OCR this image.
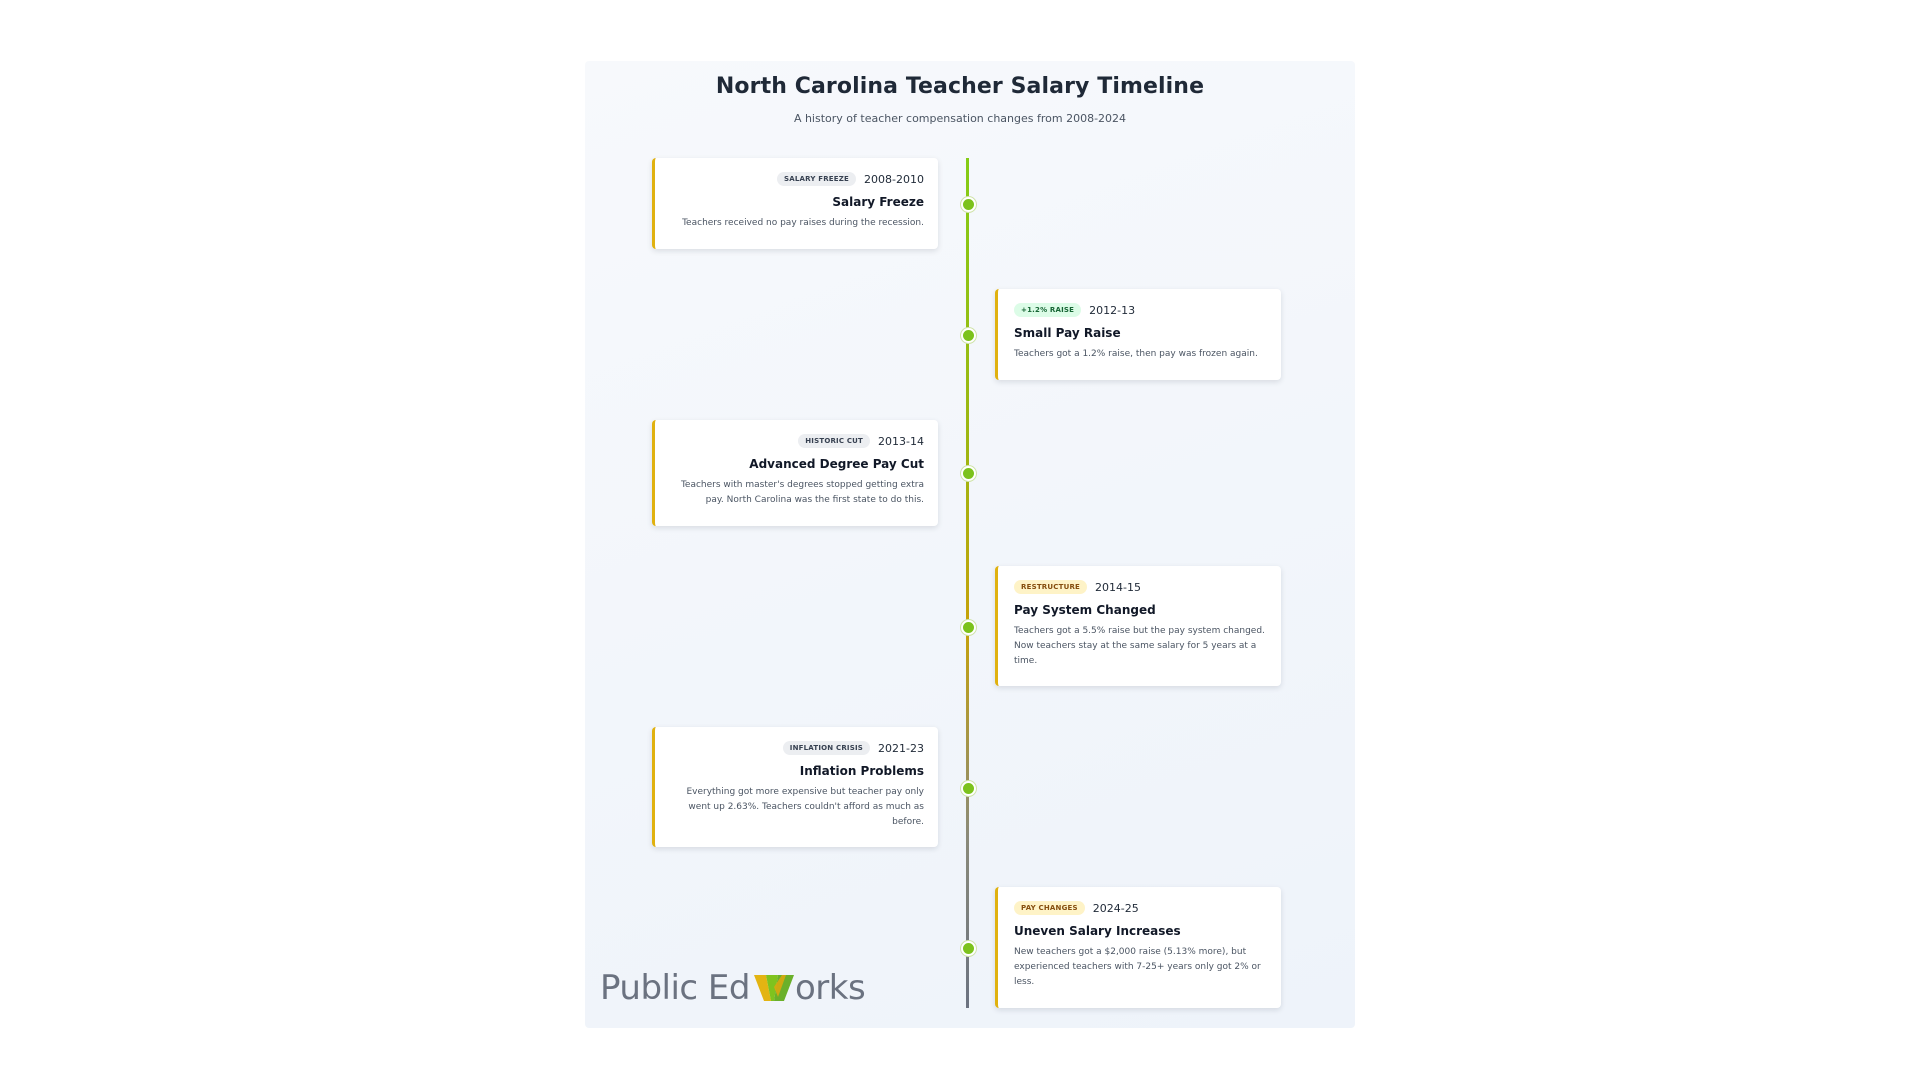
North Carolina Teacher Salary Timeline
A history of teacher compensation changes from 2008-2024
SALARY FREEZE	2008-2010
Salary Freeze
Teachers received no pay raises during the recession.
+1.2% RAISE	2012-13
Small Pay Raise
Teachers got a 1.2% raise, then pay was frozen again.
HISTORIC CUT	2013-14
Advanced Degree Pay Cut
Teachers with master's degrees stopped getting extra pay. North Carolina was the first state to do this.
RESTRUCTURE	2014-15
Pay System Changed
Teachers got a 5.5% raise but the pay system changed. Now teachers stay at the same salary for 5 years at a time.
INFLATION CRISIS	2021-23
Inflation Problems
Everything got more expensive but teacher pay only went up 2.63%. Teachers couldn't afford as much as before.
PAY CHANGES	2024-25
Uneven Salary Increases
New teachers got a $2,000 raise (5.13% more), but experienced teachers with 7-25+ years only got 2% or less.
Public Ed orks
